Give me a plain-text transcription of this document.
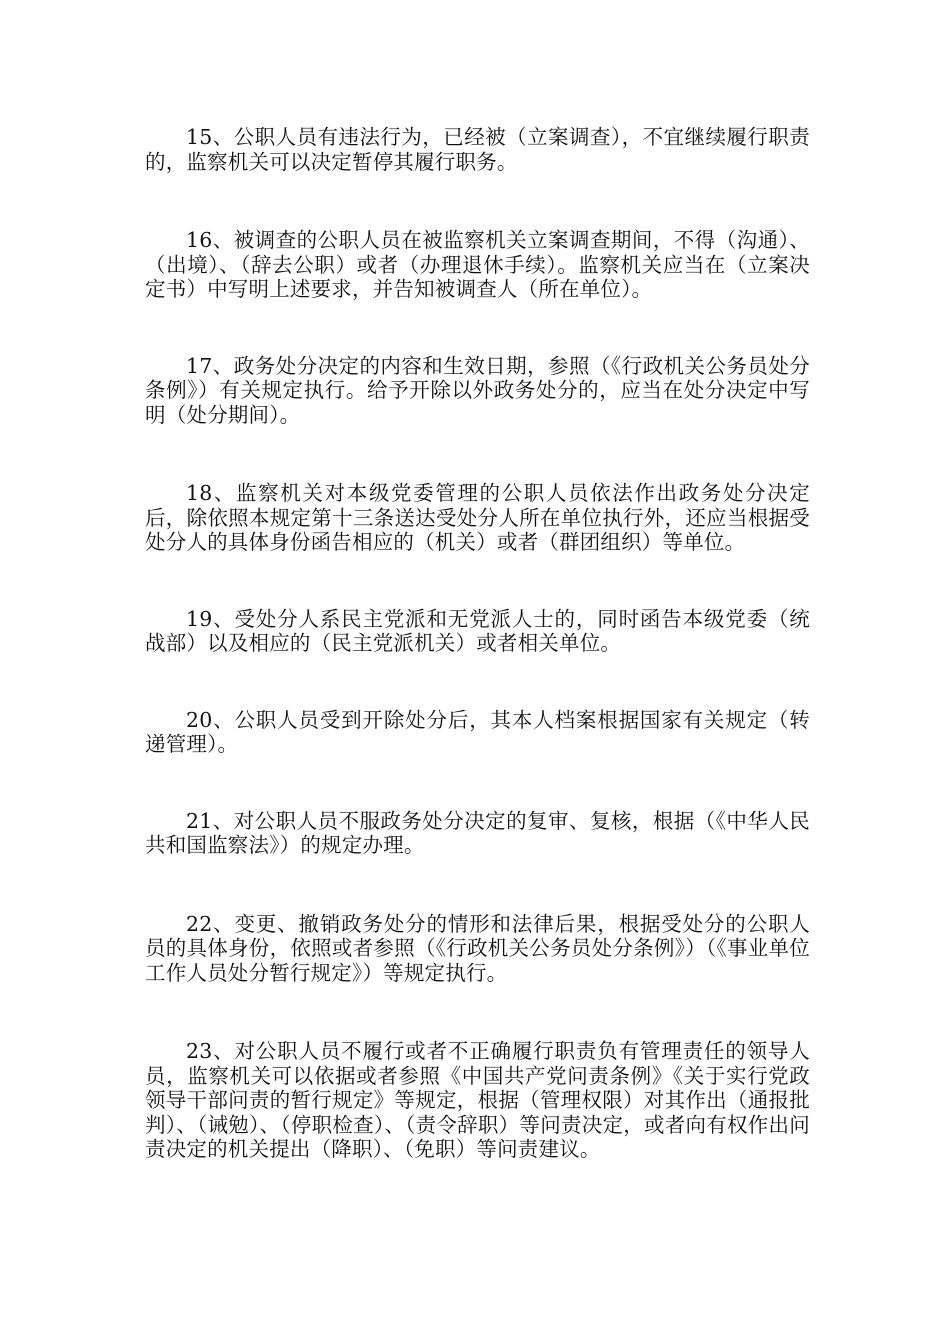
15、公职人员有违法行为，已经被（立案调查），不宜继续履行职责的，监察机关可以决定暂停其履行职务。

16、被调查的公职人员在被监察机关立案调查期间，不得（沟通）、（出境）、（辞去公职）或者（办理退休手续）。监察机关应当在（立案决定书）中写明上述要求，并告知被调查人（所在单位）。

17、政务处分决定的内容和生效日期，参照（《行政机关公务员处分条例》）有关规定执行。给予开除以外政务处分的，应当在处分决定中写明（处分期间）。

18、监察机关对本级党委管理的公职人员依法作出政务处分决定后，除依照本规定第十三条送达受处分人所在单位执行外，还应当根据受处分人的具体身份函告相应的（机关）或者（群团组织）等单位。

19、受处分人系民主党派和无党派人士的，同时函告本级党委（统战部）以及相应的（民主党派机关）或者相关单位。

20、公职人员受到开除处分后，其本人档案根据国家有关规定（转递管理）。

21、对公职人员不服政务处分决定的复审、复核，根据（《中华人民共和国监察法》）的规定办理。

22、变更、撤销政务处分的情形和法律后果，根据受处分的公职人员的具体身份，依照或者参照（《行政机关公务员处分条例》）（《事业单位工作人员处分暂行规定》）等规定执行。

23、对公职人员不履行或者不正确履行职责负有管理责任的领导人员，监察机关可以依据或者参照《中国共产党问责条例》《关于实行党政领导干部问责的暂行规定》等规定，根据（管理权限）对其作出（通报批判）、（诫勉）、（停职检查）、（责令辞职）等问责决定，或者向有权作出问责决定的机关提出（降职）、（免职）等问责建议。
